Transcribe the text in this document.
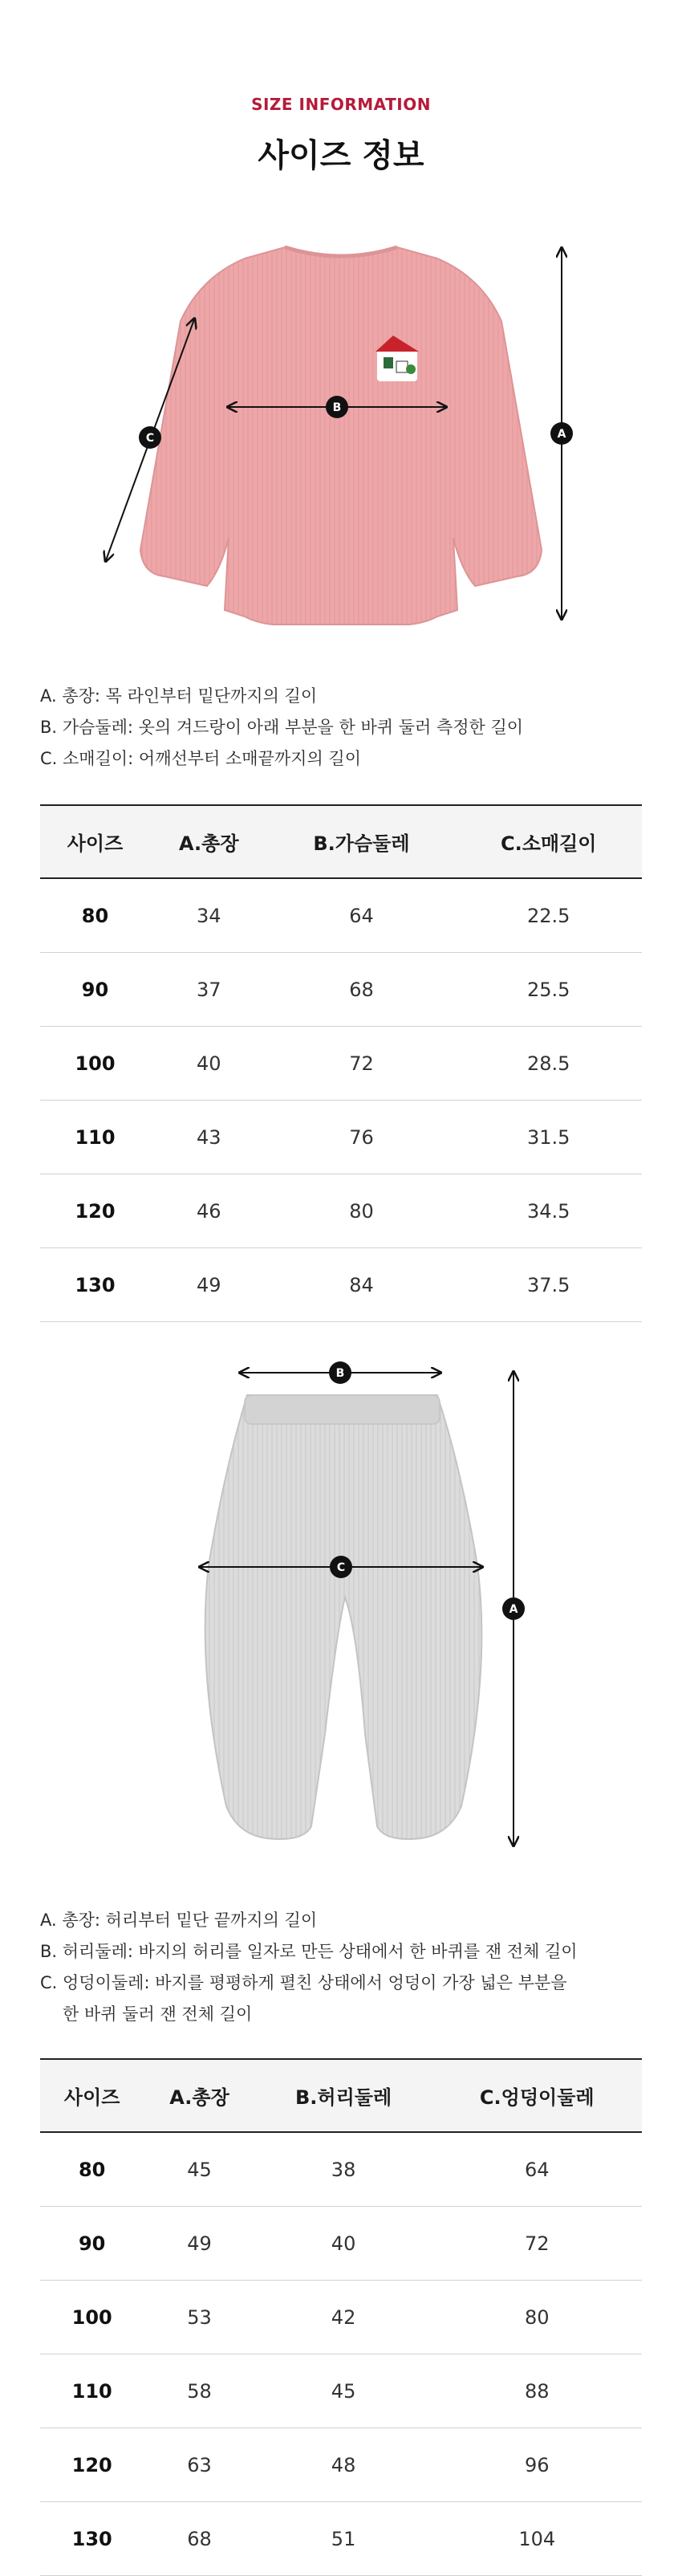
SIZE INFORMATION
사이즈 정보
A
B
C
A. 총장: 목 라인부터 밑단까지의 길이
B. 가슴둘레: 옷의 겨드랑이 아래 부분을 한 바퀴 둘러 측정한 길이
C. 소매길이: 어깨선부터 소매끝까지의 길이
사이즈	A.총장	B.가슴둘레	C.소매길이
80	34	64	22.5
90	37	68	25.5
100	40	72	28.5
110	43	76	31.5
120	46	80	34.5
130	49	84	37.5
B
C
A
A. 총장: 허리부터 밑단 끝까지의 길이
B. 허리둘레: 바지의 허리를 일자로 만든 상태에서 한 바퀴를 잰 전체 길이
C. 엉덩이둘레: 바지를 평평하게 펼친 상태에서 엉덩이 가장 넓은 부분을
한 바퀴 둘러 잰 전체 길이
사이즈	A.총장	B.허리둘레	C.엉덩이둘레
80	45	38	64
90	49	40	72
100	53	42	80
110	58	45	88
120	63	48	96
130	68	51	104
